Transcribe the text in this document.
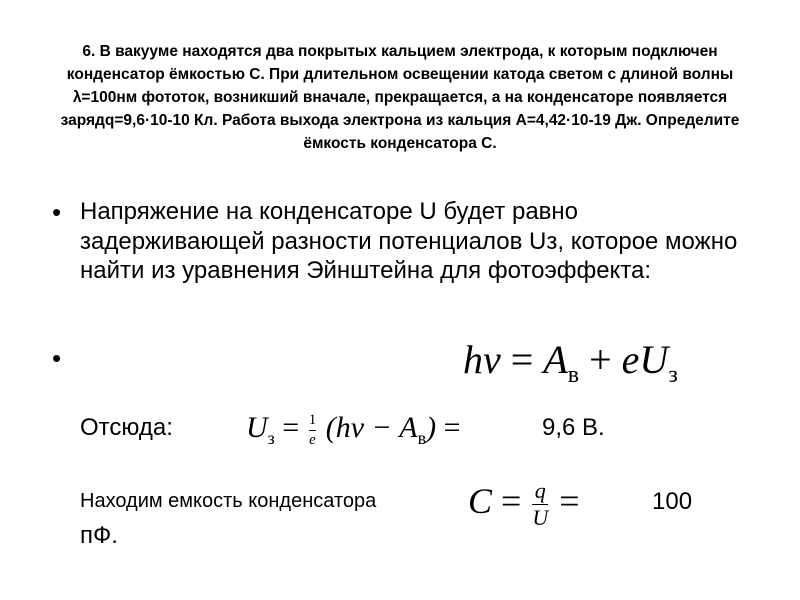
6. В вакууме находятся два покрытых кальцием электрода, к которым подключен конденсатор ёмкостью С. При длительном освещении катода светом с длиной волны λ=100нм фототок, возникший вначале, прекращается, а на конденсаторе появляется зарядq=9,6·10-10 Кл. Работа выхода электрона из кальция А=4,42·10-19 Дж. Определите ёмкость конденсатора С.
• Напряжение на конденсаторе U будет равно задерживающей разности потенциалов Uз, которое можно найти из уравнения Эйнштейна для фотоэффекта:
•	$h\nu = A_в + eU_з$
Отсюда: $U_з = \frac{1}{e} (h\nu - A_в)$ =	9,6 В.
Находим емкость конденсатора	$C = \frac{q}{U}$ =	100
пФ.
